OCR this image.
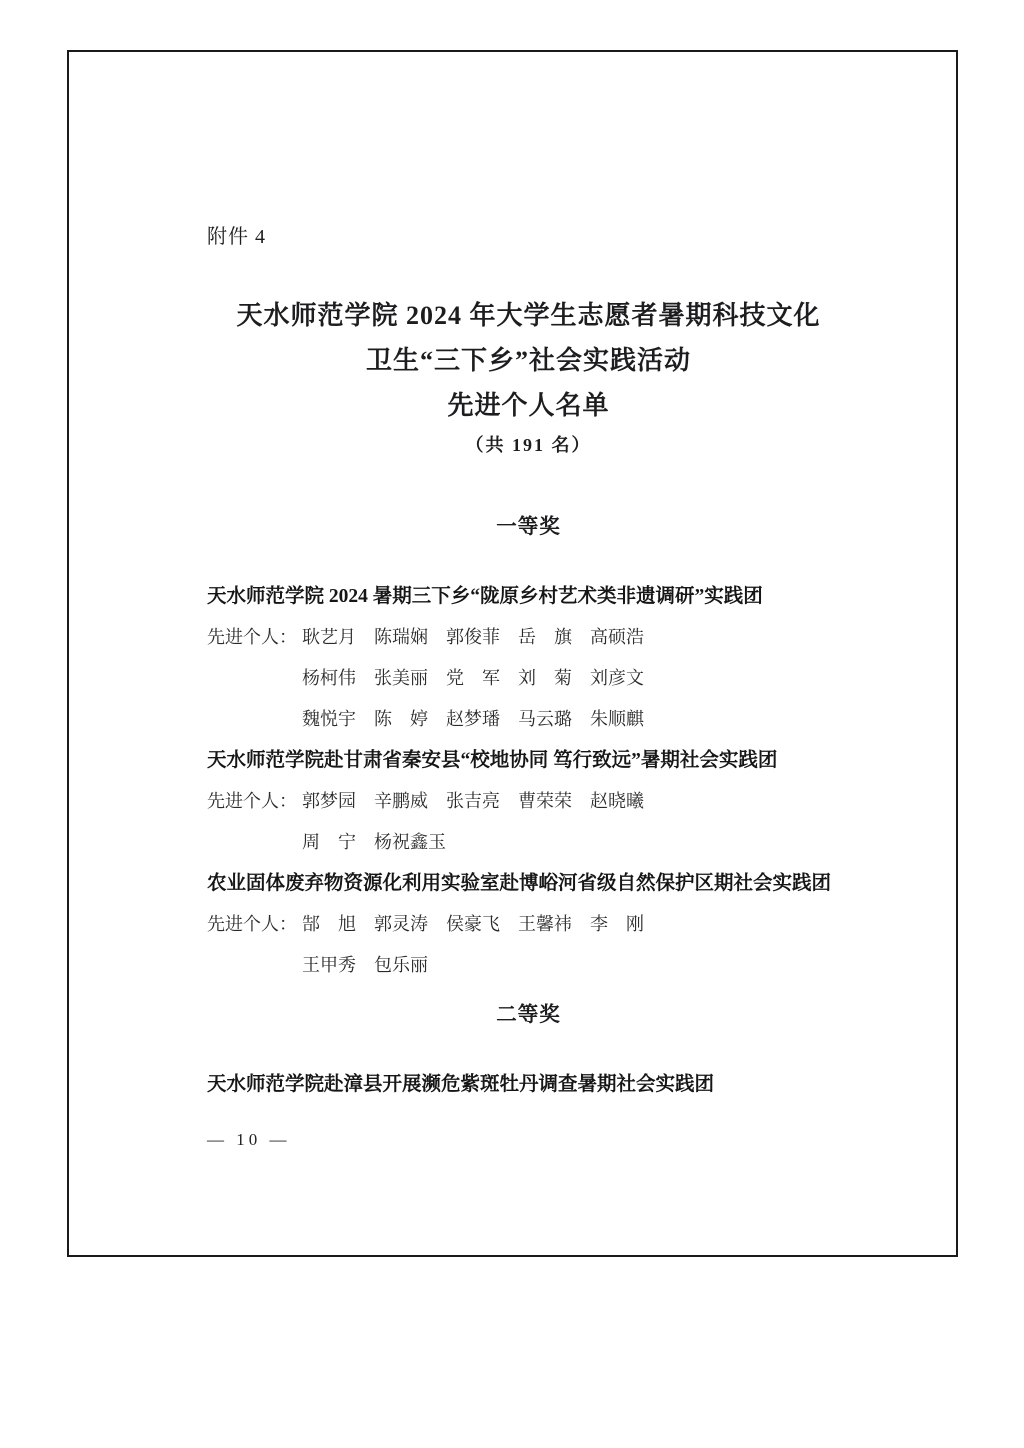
附件 4
天水师范学院 2024 年大学生志愿者暑期科技文化
卫生“三下乡”社会实践活动
先进个人名单
（共 191 名）
一等奖
天水师范学院 2024 暑期三下乡“陇原乡村艺术类非遗调研”实践团
先进个人： 耿艺月　陈瑞娴　郭俊菲　岳　旗　高硕浩
杨柯伟　张美丽　党　军　刘　菊　刘彦文
魏悦宇　陈　婷　赵梦璠　马云璐　朱顺麒
天水师范学院赴甘肃省秦安县“校地协同 笃行致远”暑期社会实践团
先进个人： 郭梦园　辛鹏威　张吉亮　曹荣荣　赵晓曦
周　宁　杨祝鑫玉
农业固体废弃物资源化利用实验室赴博峪河省级自然保护区期社会实践团
先进个人： 郜　旭　郭灵涛　侯豪飞　王馨祎　李　刚
王甲秀　包乐丽
二等奖
天水师范学院赴漳县开展濒危紫斑牡丹调查暑期社会实践团
— 10 —
